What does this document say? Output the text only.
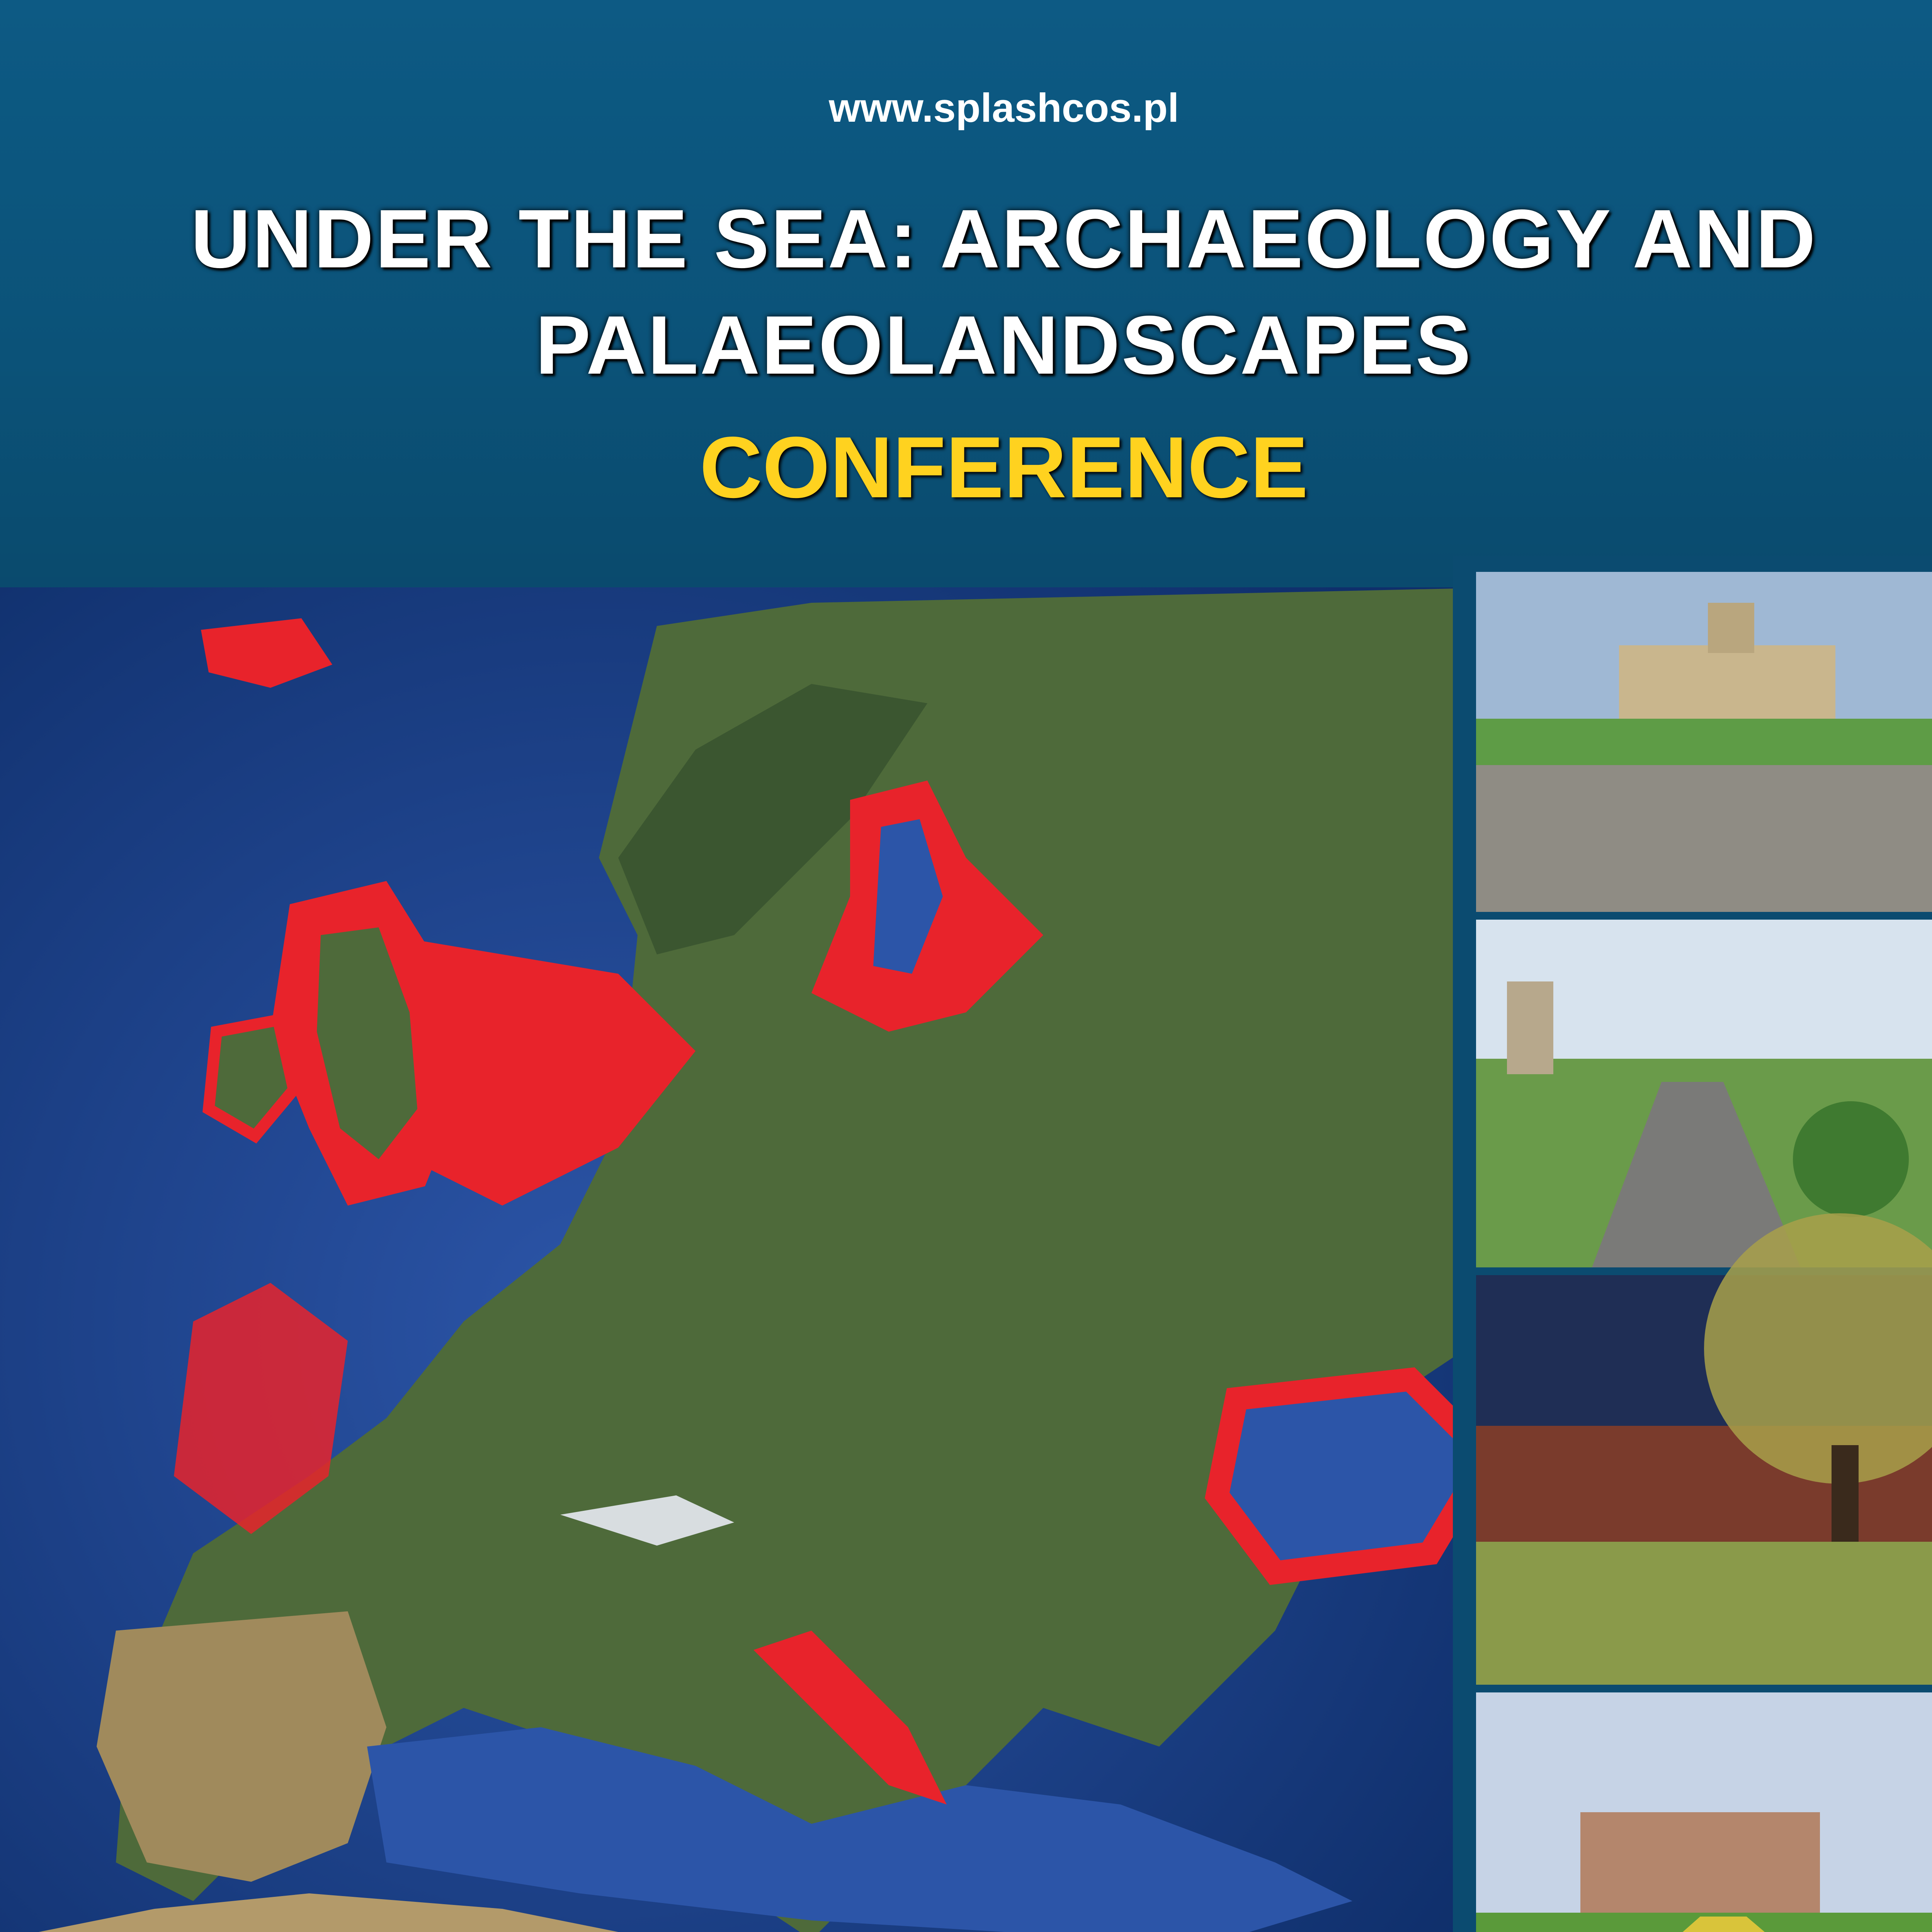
www.splashcos.pl
UNDER THE SEA: ARCHAEOLOGY AND
PALAEOLANDSCAPES
CONFERENCE
